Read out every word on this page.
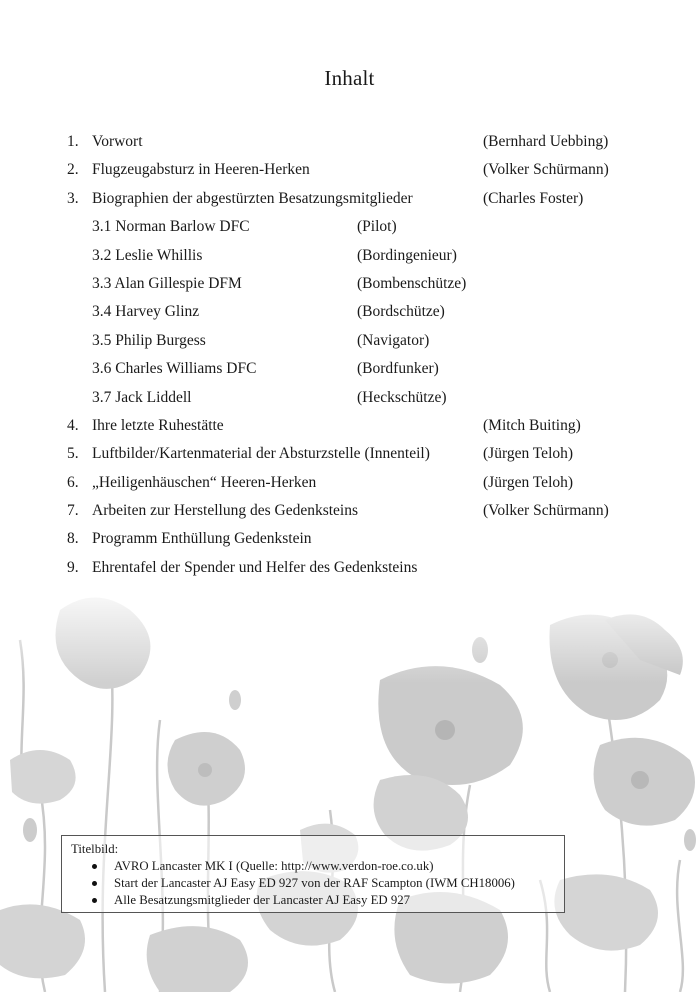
Inhalt
1. Vorwort	(Bernhard Uebbing)
2. Flugzeugabsturz in Heeren-Herken	(Volker Schürmann)
3. Biographien der abgestürzten Besatzungsmitglieder	(Charles Foster)
3.1 Norman Barlow DFC	(Pilot)
3.2 Leslie Whillis	(Bordingenieur)
3.3 Alan Gillespie DFM	(Bombenschütze)
3.4 Harvey Glinz	(Bordschütze)
3.5 Philip Burgess	(Navigator)
3.6 Charles Williams DFC	(Bordfunker)
3.7 Jack Liddell	(Heckschütze)
4. Ihre letzte Ruhestätte	(Mitch Buiting)
5. Luftbilder/Kartenmaterial der Absturzstelle (Innenteil)	(Jürgen Teloh)
6. „Heiligenhäuschen“ Heeren-Herken	(Jürgen Teloh)
7. Arbeiten zur Herstellung des Gedenksteins	(Volker Schürmann)
8. Programm Enthüllung Gedenkstein
9. Ehrentafel der Spender und Helfer des Gedenksteins
Titelbild:
AVRO Lancaster MK I (Quelle: http://www.verdon-roe.co.uk)
Start der Lancaster AJ Easy ED 927 von der RAF Scampton (IWM CH18006)
Alle Besatzungsmitglieder der Lancaster AJ Easy ED 927
